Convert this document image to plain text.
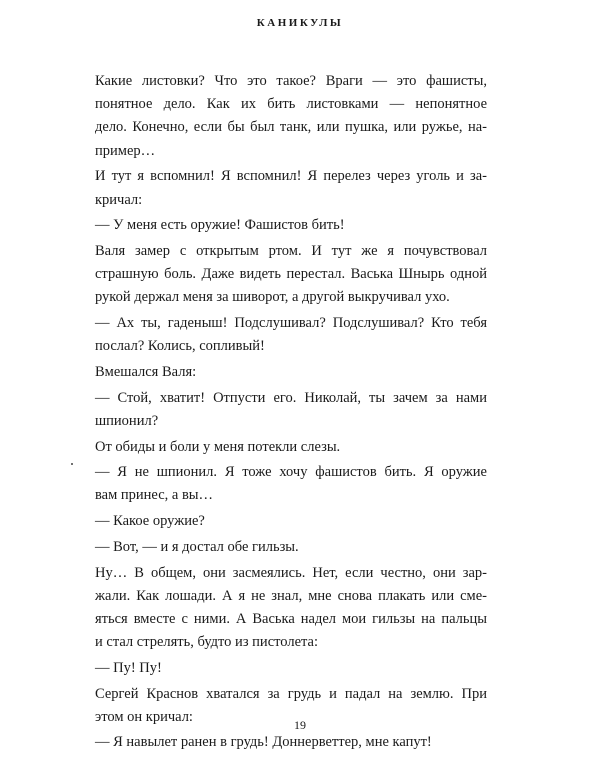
КАНИКУЛЫ
Какие листовки? Что это такое? Враги — это фашисты,
понятное дело. Как их бить листовками — непонятное
дело. Конечно, если бы был танк, или пушка, или ружье, на-
пример…
И тут я вспомнил! Я вспомнил! Я перелез через уголь и за-
кричал:
— У меня есть оружие! Фашистов бить!
Валя замер с открытым ртом. И тут же я почувствовал
страшную боль. Даже видеть перестал. Васька Шнырь одной
рукой держал меня за шиворот, а другой выкручивал ухо.
— Ах ты, гаденыш! Подслушивал? Подслушивал? Кто тебя
послал? Колись, сопливый!
Вмешался Валя:
— Стой, хватит! Отпусти его. Николай, ты зачем за нами
шпионил?
От обиды и боли у меня потекли слезы.
— Я не шпионил. Я тоже хочу фашистов бить. Я оружие
вам принес, а вы…
— Какое оружие?
— Вот, — и я достал обе гильзы.
Ну… В общем, они засмеялись. Нет, если честно, они зар-
жали. Как лошади. А я не знал, мне снова плакать или сме-
яться вместе с ними. А Васька надел мои гильзы на пальцы
и стал стрелять, будто из пистолета:
— Пу! Пу!
Сергей Краснов хватался за грудь и падал на землю. При
этом он кричал:
— Я навылет ранен в грудь! Доннерветтер, мне капут!
19
